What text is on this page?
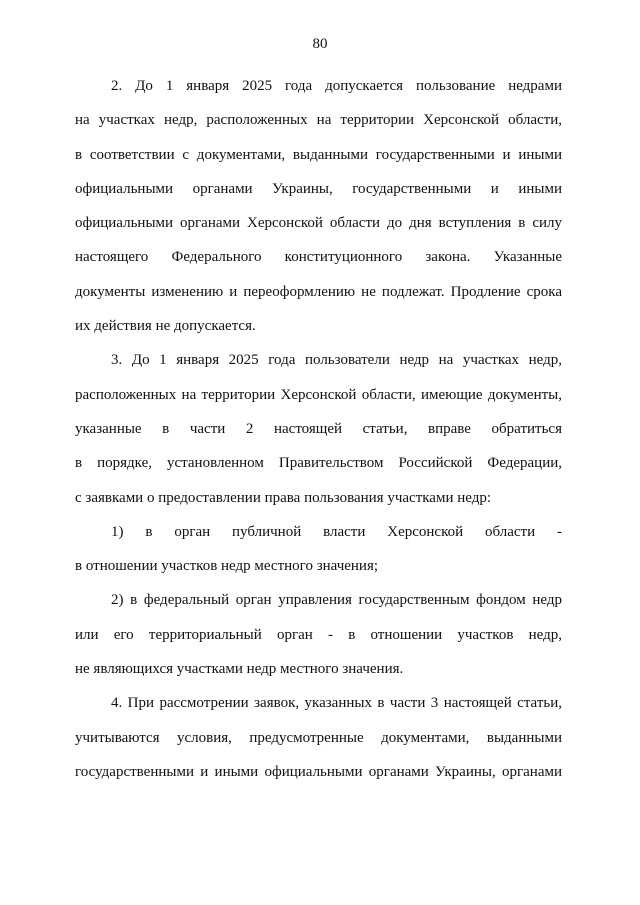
80

2. До 1 января 2025 года допускается пользование недрами
на участках недр, расположенных на территории Херсонской области,
в соответствии с документами, выданными государственными и иными
официальными органами Украины, государственными и иными
официальными органами Херсонской области до дня вступления в силу
настоящего Федерального конституционного закона. Указанные
документы изменению и переоформлению не подлежат. Продление срока
их действия не допускается.

3. До 1 января 2025 года пользователи недр на участках недр,
расположенных на территории Херсонской области, имеющие документы,
указанные в части 2 настоящей статьи, вправе обратиться
в порядке, установленном Правительством Российской Федерации,
с заявками о предоставлении права пользования участками недр:

1) в орган публичной власти Херсонской области -
в отношении участков недр местного значения;

2) в федеральный орган управления государственным фондом недр
или его территориальный орган - в отношении участков недр,
не являющихся участками недр местного значения.

4. При рассмотрении заявок, указанных в части 3 настоящей статьи,
учитываются условия, предусмотренные документами, выданными
государственными и иными официальными органами Украины, органами
